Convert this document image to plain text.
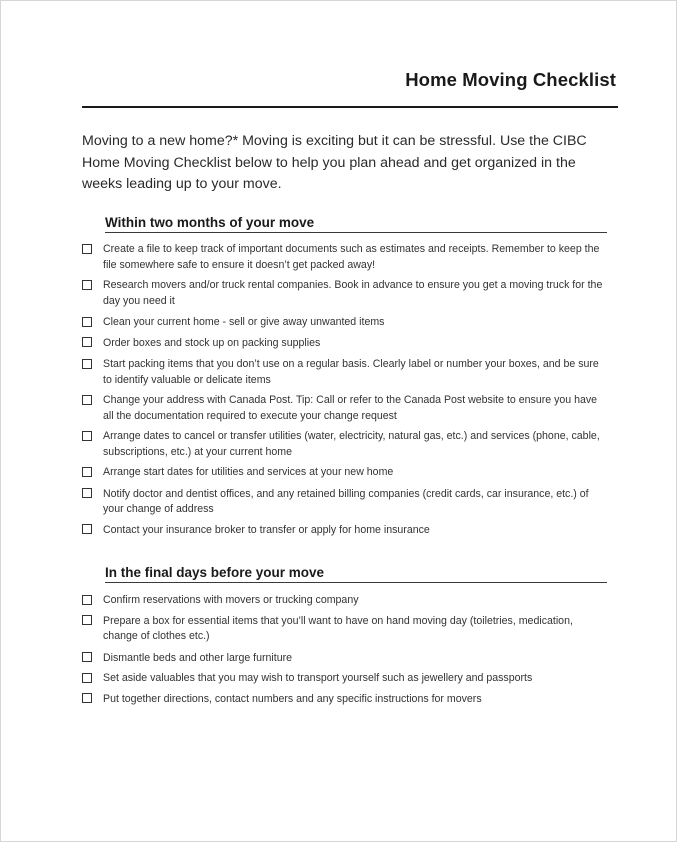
Home Moving Checklist
Moving to a new home?* Moving is exciting but it can be stressful. Use the CIBC Home Moving Checklist below to help you plan ahead and get organized in the weeks leading up to your move.
Within two months of your move
Create a file to keep track of important documents such as estimates and receipts. Remember to keep the file somewhere safe to ensure it doesn’t get packed away!
Research movers and/or truck rental companies. Book in advance to ensure you get a moving truck for the day you need it
Clean your current home - sell or give away unwanted items
Order boxes and stock up on packing supplies
Start packing items that you don’t use on a regular basis. Clearly label or number your boxes, and be sure to identify valuable or delicate items
Change your address with Canada Post. Tip: Call or refer to the Canada Post website to ensure you have all the documentation required to execute your change request
Arrange dates to cancel or transfer utilities (water, electricity, natural gas, etc.) and services (phone, cable, subscriptions, etc.) at your current home
Arrange start dates for utilities and services at your new home
Notify doctor and dentist offices, and any retained billing companies (credit cards, car insurance, etc.) of your change of address
Contact your insurance broker to transfer or apply for home insurance
In the final days before your move
Confirm reservations with movers or trucking company
Prepare a box for essential items that you’ll want to have on hand moving day (toiletries, medication, change of clothes etc.)
Dismantle beds and other large furniture
Set aside valuables that you may wish to transport yourself such as jewellery and passports
Put together directions, contact numbers and any specific instructions for movers
